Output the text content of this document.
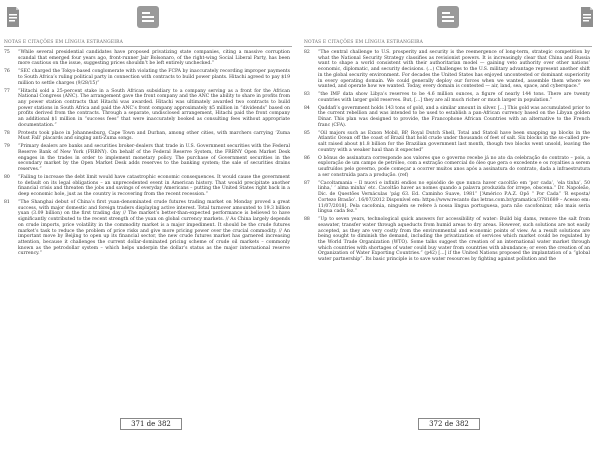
NOTAS E CITAÇÕES EM LÍNGUA ESTRANGEIRA
75	“While several presidential candidates have proposed privatizing state companies, citing a massive corruption scandal that emerged four years ago, front-runner Jair Bolsonaro, of the right-wing Social Liberal Party, has been more cautious on the issue, suggesting prices shouldn’t be left entirely unchecked.”
76	“SEC charged the Tokyo-based conglomerate with violating the FCPA by inaccurately recording improper payments to South Africa’s ruling political party in connection with contracts to build power plants. Hitachi agreed to pay $19 million to settle charges (9/28/15)”
77	“Hitachi sold a 25-percent stake in a South African subsidiary to a company serving as a front for the African National Congress (ANC). The arrangement gave the front company and the ANC the ability to share in profits from any power station contracts that Hitachi was awarded. Hitachi was ultimately awarded two contracts to build power stations in South Africa and paid the ANC’s front company approximately $5 million in “dividends” based on profits derived from the contracts. Through a separate, undisclosed arrangement, Hitachi paid the front company an additional $1 million in “success fees” that were inaccurately booked as consulting fees without appropriate documentation.”
78	Protests took place in Johannesburg, Cape Town and Durban, among other cities, with marchers carrying ‘Zuma Must Fall’ placards and singing anti-Zuma songs.
79	“Primary dealers are banks and securities broker-dealers that trade in U.S. Government securities with the Federal Reserve Bank of New York (FRBNY). On behalf of the Federal Reserve System, the FRBNY Open Market Desk engages in the trades in order to implement monetary policy. The purchase of Government securities in the secondary market by the Open Market Desk adds reserves to the banking system; the sale of securities drains reserves.”
80	“Failing to increase the debt limit would have catastrophic economic consequences. It would cause the government to default on its legal obligations – an unprecedented event in American history. That would precipitate another financial crisis and threaten the jobs and savings of everyday Americans – putting the United States right back in a deep economic hole, just as the country is recovering from the recent recession.”
81	“The Shanghai debut of China’s first yuan-denominated crude futures trading market on Monday proved a great success, with major domestic and foreign traders displaying active interest. Total turnover amounted to 19.3 billion yuan (3.09 billion) on the first trading day // The market’s better-than-expected performance is believed to have significantly contributed to the recent strength of the yuan on global currency markets. // As China largely depends on crude imports, price volatility in the commodity market is a major impediment. It should be the crude futures market’s task to reduce the problem of price risks and give more pricing power over the crucial commodity. // An important move by Beijing to open up its financial sector, the new crude futures market has garnered increasing attention, because it challenges the current dollar-dominated pricing scheme of crude oil markets – commonly known as the petrodollar system – which helps underpin the dollar’s status as the major international reserve currency.”
371 de 382
NOTAS E CITAÇÕES EM LÍNGUA ESTRANGEIRA
82	“The central challenge to U.S. prosperity and security is the reemergence of long-term, strategic competition by what the National Security Strategy classifies as revisionist powers. It is increasingly clear that China and Russia want to shape a world consistent with their authoritarian model — gaining veto authority over other nations’ economic, diplomatic, and security decisions. (...) Challenges to the U.S. military advantage represent another shift in the global security environment. For decades the United States has enjoyed uncontested or dominant superiority in every operating domain. We could generally deploy our forces when we wanted, assemble them where we wanted, and operate how we wanted. Today, every domain is contested — air, land, sea, space, and cyberspace.”
83	“the IMF data show Libya’s reserves to be 4.6 million ounces, a figure of nearly 144 tons. There are twenty countries with larger gold reserves. But, [...] they are all much richer or much larger in population.”
84	Qaddafi’s government holds 143 tons of gold, and a similar amount in silver. [...] This gold was accumulated prior to the current rebellion and was intended to be used to establish a pan-African currency based on the Libyan golden Dinar. This plan was designed to provide, the Francophone African Countries with an alternative to the French franc (CFA).
85	“Oil majors such as Exxon Mobil, BP, Royal Dutch Shell, Total and Statoil have been snapping up blocks in the Atlantic Ocean off the coast of Brazil that hold crude under thousands of feet of salt. Six blocks in the so-called pre-salt raised about $1.8 billion for the Brazilian government last month, though two blocks went unsold, leaving the country with a weaker haul than it expected”
86	O bônus de assinatura corresponde aos valores que o governo recebe já no ato da celebração do contrato – pois, a exploração de um campo de petróleo, com a extração comercial do óleo que gera o excedente e os royalties a serem usufruídos pelo governo, pode começar a ocorrer muitos anos após a assinatura do contrato, dada a infraestrutura a ser construída para a produção. (ref)
87	“Cacoltamania – Il nuovi e infiniti endios no episódio de que nunca haver cacoltão em ‘por cada’, ‘ela tinha’, 50 linha,’ ‘ alma minha’ etc. Cacoltão haver as nomes quando a palavra produzida for irrepe, obscena.” Dr. Napoleão, Dic. de Questões Vernáculas ’pág 63. Ed. Caminho Suave, 1981” [‘Américo P.A.Z. Opô “ Por Cada” ‘R esposta/ Cortezo Brasão’. 16/07/2012 Disponível em: https://www.recanto das letras.com.br/gramatica/3781689 – Acesso em: 11/07/2018]. Pela cacofonia, ninguém se refere à nossa língua portuguesa, para não cacofonizar, não mais seria língua cada fez.”
88	“Up to seven years, technological quick answers for accessibility of water: Build big dams, remove the salt from seawater, transfer water through aqueducts from humid areas to dry areas. However, such solutions are not easily accepted, as they are very costly from the environmental and economic points of view. As a result solutions are being sought to diminish the demand, including the privatization of services which market could be regulated by the World Trade Organization (WTO). Some talks suggest the creation of an international water market through which countries with shortages of water could buy water from countries with abundance; or even the creation of an Organization of Water Exporting Countries.” (p42) [...] if the United Nations proposed the implantation of a “global water partnership”. Its basic principle is to save water resources by fighting against pollution and the
372 de 382
